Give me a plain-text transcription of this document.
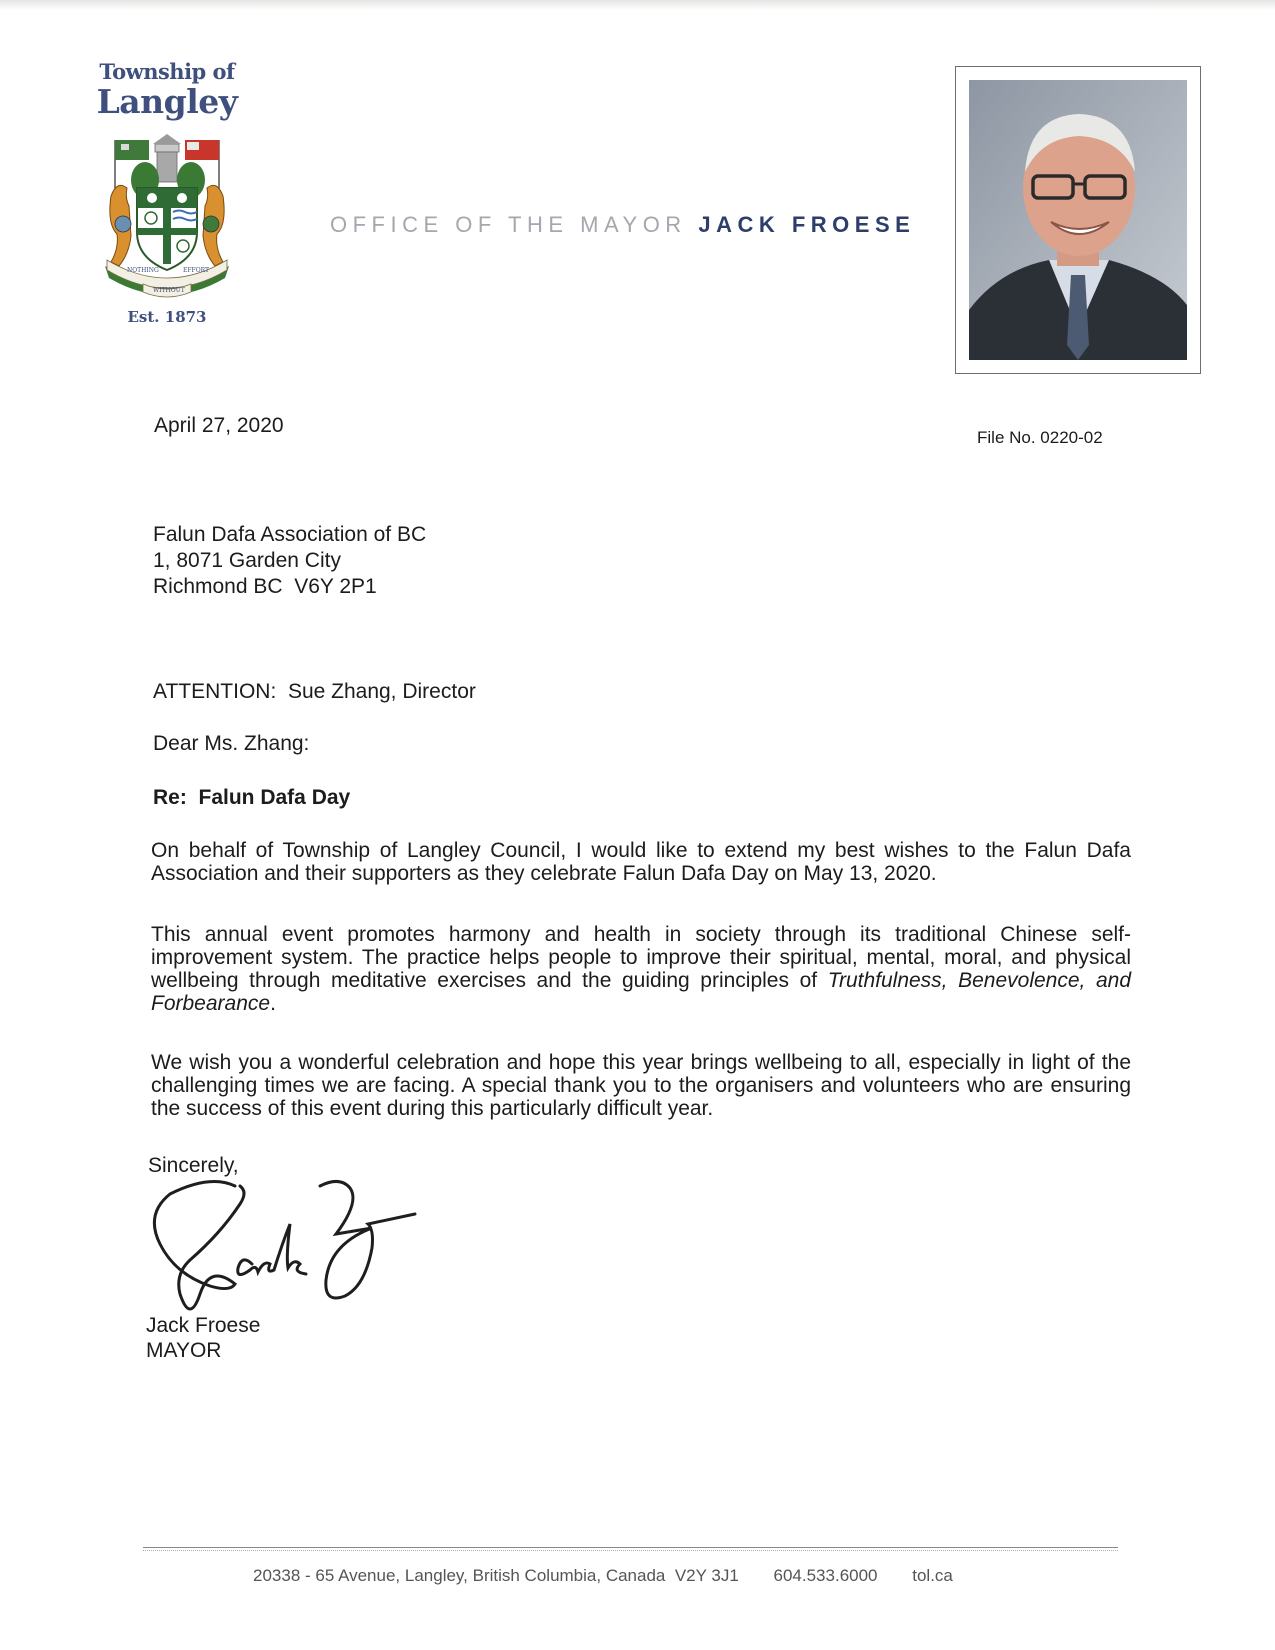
Township of
Langley
NOTHING	EFFORT
WITHOUT
Est. 1873
OFFICE OF THE MAYOR JACK FROESE
April 27, 2020
File No. 0220-02
Falun Dafa Association of BC
1, 8071 Garden City
Richmond BC  V6Y 2P1
ATTENTION:  Sue Zhang, Director
Dear Ms. Zhang:
Re:  Falun Dafa Day
On behalf of Township of Langley Council, I would like to extend my best wishes to the Falun Dafa Association and their supporters as they celebrate Falun Dafa Day on May 13, 2020.
This annual event promotes harmony and health in society through its traditional Chinese self-improvement system. The practice helps people to improve their spiritual, mental, moral, and physical wellbeing through meditative exercises and the guiding principles of Truthfulness, Benevolence, and Forbearance.
We wish you a wonderful celebration and hope this year brings wellbeing to all, especially in light of the challenging times we are facing. A special thank you to the organisers and volunteers who are ensuring the success of this event during this particularly difficult year.
Sincerely,
Jack Froese
MAYOR
20338 - 65 Avenue, Langley, British Columbia, Canada  V2Y 3J1 604.533.6000 tol.ca
